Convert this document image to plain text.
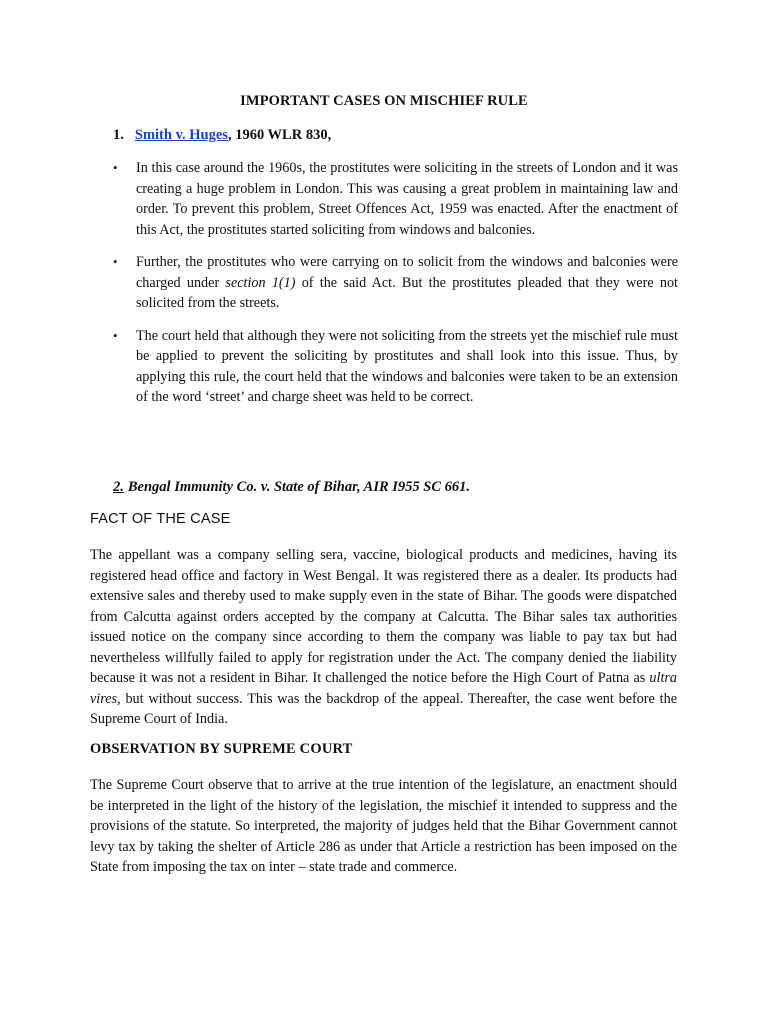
IMPORTANT CASES ON MISCHIEF RULE
1. Smith v. Huges, 1960 WLR 830,
• In this case around the 1960s, the prostitutes were soliciting in the streets of London and it was creating a huge problem in London. This was causing a great problem in maintaining law and order. To prevent this problem, Street Offences Act, 1959 was enacted. After the enactment of this Act, the prostitutes started soliciting from windows and balconies.
• Further, the prostitutes who were carrying on to solicit from the windows and balconies were charged under section 1(1) of the said Act. But the prostitutes pleaded that they were not solicited from the streets.
• The court held that although they were not soliciting from the streets yet the mischief rule must be applied to prevent the soliciting by prostitutes and shall look into this issue. Thus, by applying this rule, the court held that the windows and balconies were taken to be an extension of the word ‘street’ and charge sheet was held to be correct.
2. Bengal Immunity Co. v. State of Bihar, AIR I955 SC 661.
FACT OF THE CASE

The appellant was a company selling sera, vaccine, biological products and medicines, having its registered head office and factory in West Bengal. It was registered there as a dealer. Its products had extensive sales and thereby used to make supply even in the state of Bihar. The goods were dispatched from Calcutta against orders accepted by the company at Calcutta. The Bihar sales tax authorities issued notice on the company since according to them the company was liable to pay tax but had nevertheless willfully failed to apply for registration under the Act. The company denied the liability because it was not a resident in Bihar. It challenged the notice before the High Court of Patna as ultra vires, but without success. This was the backdrop of the appeal. Thereafter, the case went before the Supreme Court of India.

OBSERVATION BY SUPREME COURT

The Supreme Court observe that to arrive at the true intention of the legislature, an enactment should be interpreted in the light of the history of the legislation, the mischief it intended to suppress and the provisions of the statute. So interpreted, the majority of judges held that the Bihar Government cannot levy tax by taking the shelter of Article 286 as under that Article a restriction has been imposed on the State from imposing the tax on inter – state trade and commerce.
